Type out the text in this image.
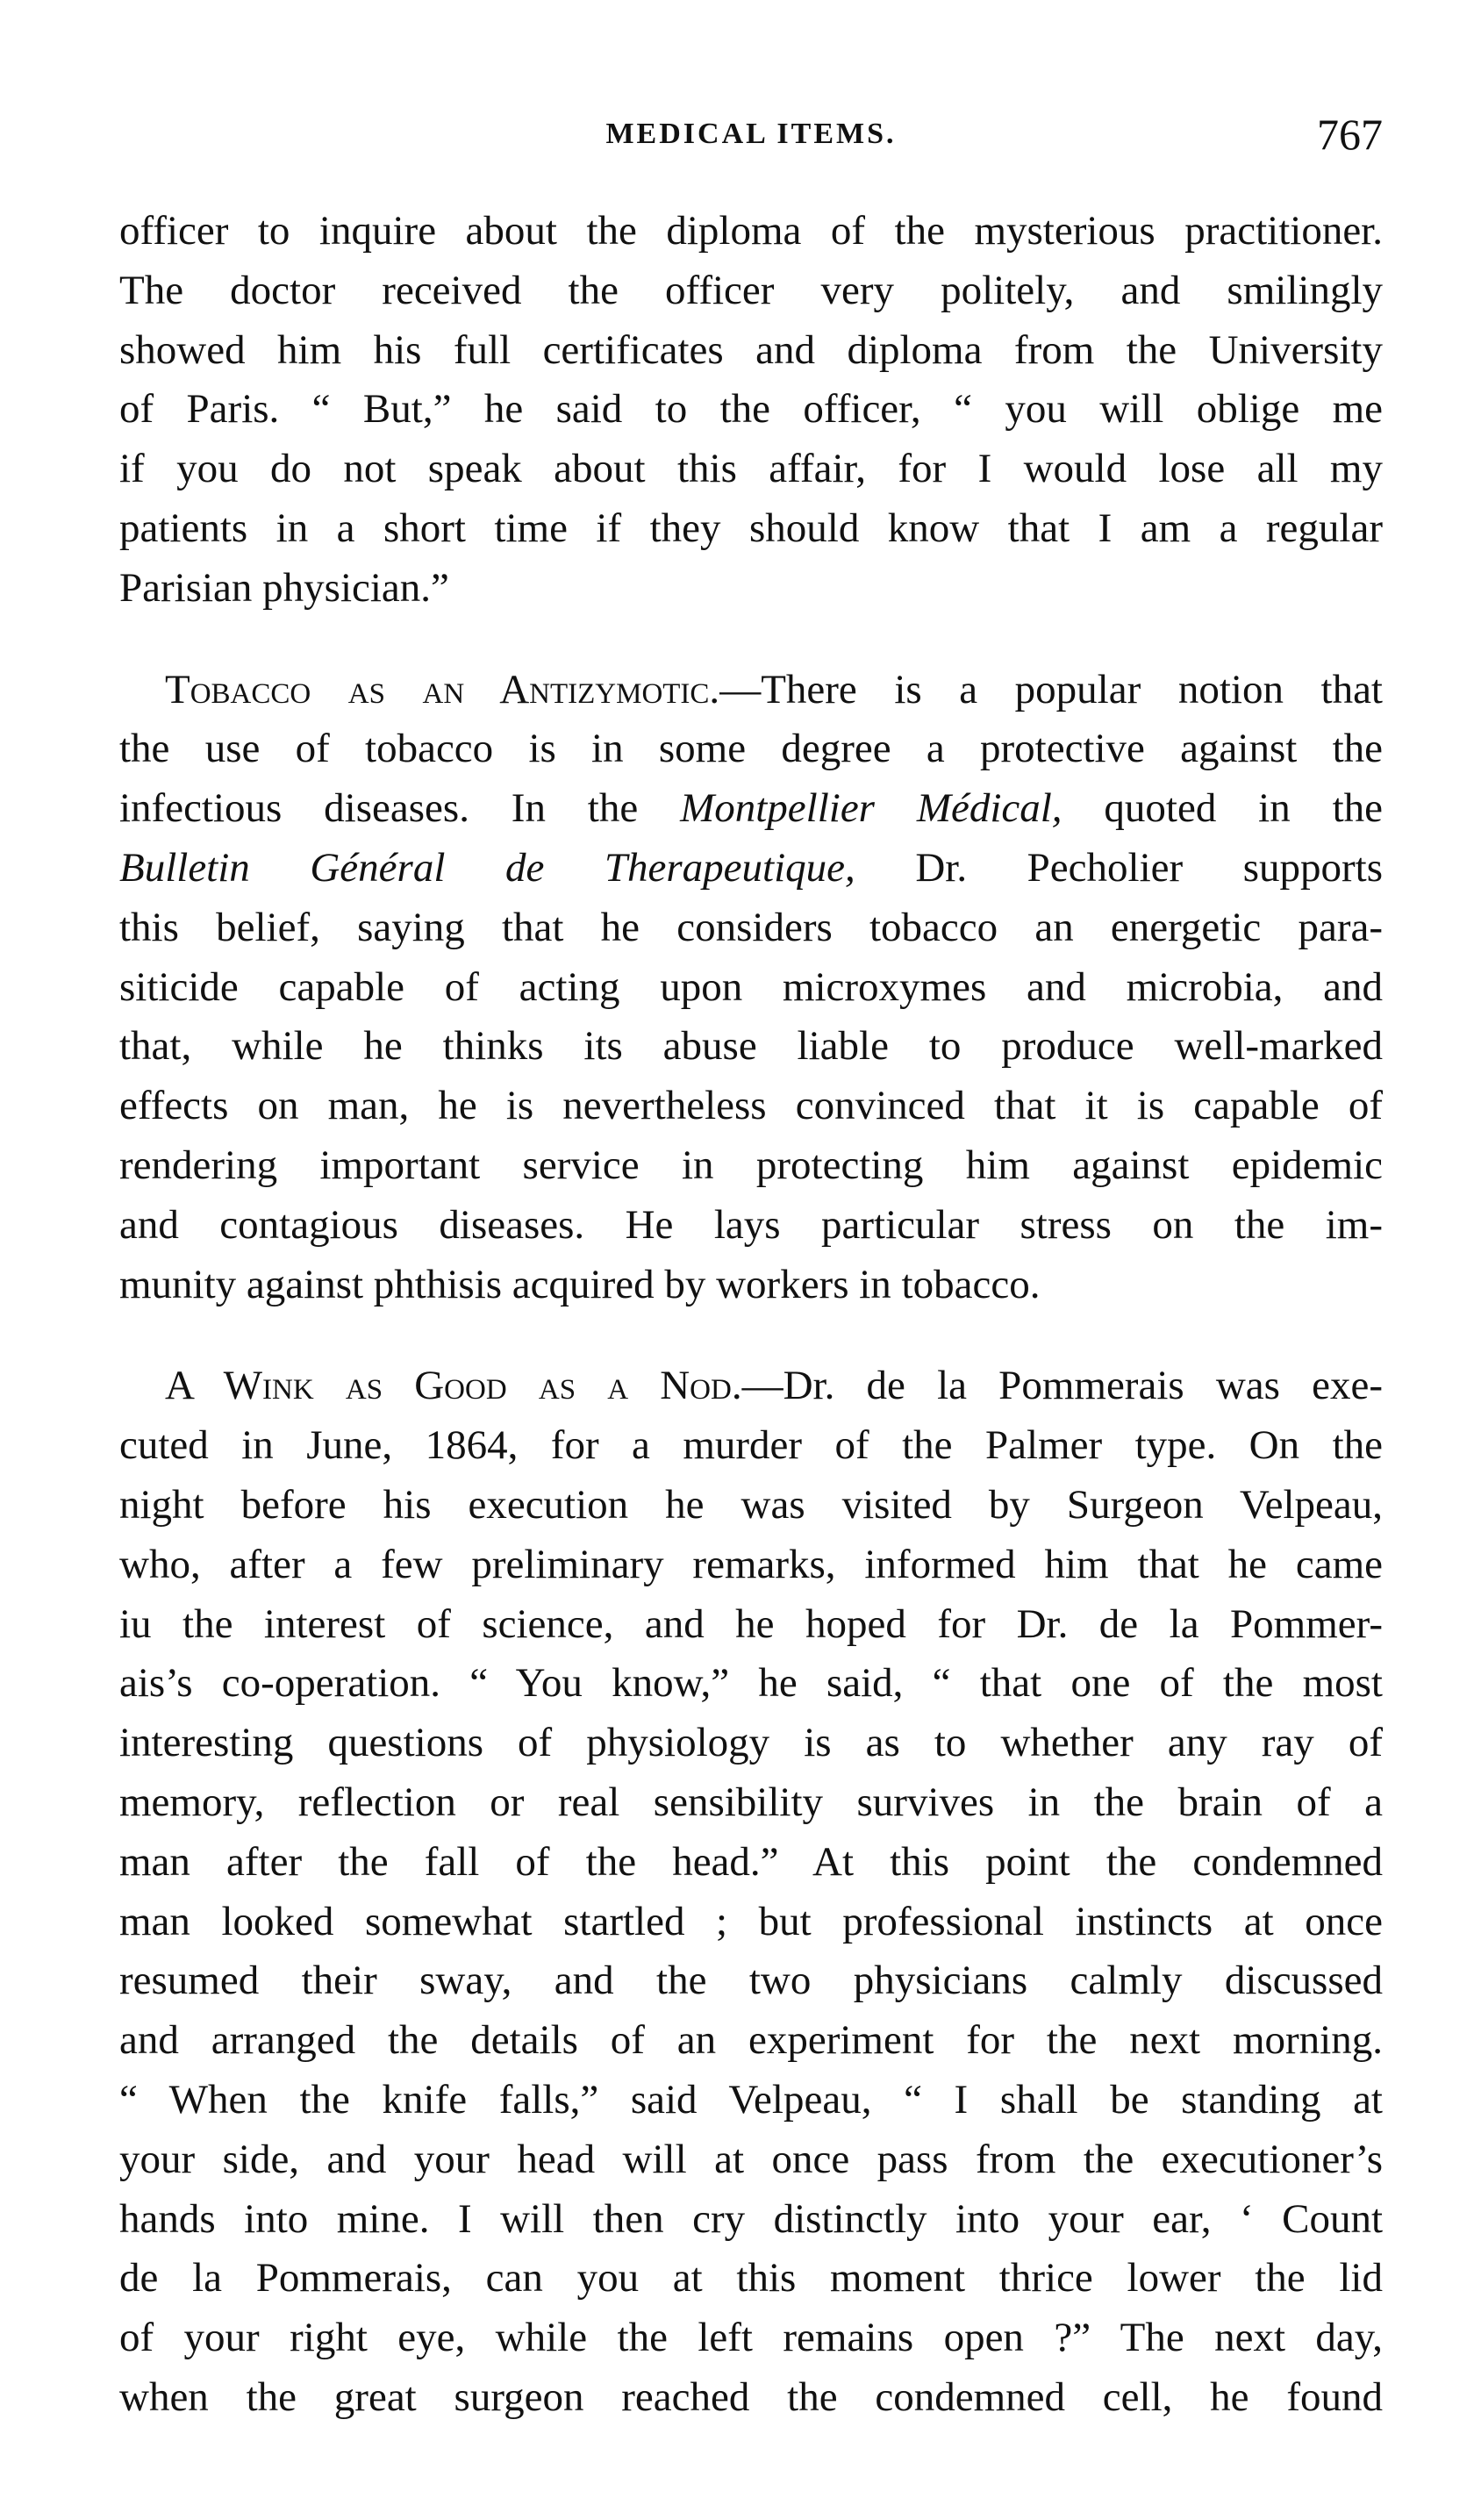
MEDICAL ITEMS.	767
officer to inquire about the diploma of the mysterious practitioner.
The doctor received the officer very politely, and smilingly
showed him his full certificates and diploma from the University
of Paris. “ But,” he said to the officer, “ you will oblige me
if you do not speak about this affair, for I would lose all my
patients in a short time if they should know that I am a regular
Parisian physician.”
Tobacco as an Antizymotic.—There is a popular notion that
the use of tobacco is in some degree a protective against the
infectious diseases. In the Montpellier Médical, quoted in the
Bulletin Général de Therapeutique, Dr. Pecholier supports
this belief, saying that he considers tobacco an energetic para-
siticide capable of acting upon microxymes and microbia, and
that, while he thinks its abuse liable to produce well-marked
effects on man, he is nevertheless convinced that it is capable of
rendering important service in protecting him against epidemic
and contagious diseases. He lays particular stress on the im-
munity against phthisis acquired by workers in tobacco.
A Wink as Good as a Nod.—Dr. de la Pommerais was exe-
cuted in June, 1864, for a murder of the Palmer type. On the
night before his execution he was visited by Surgeon Velpeau,
who, after a few preliminary remarks, informed him that he came
iu the interest of science, and he hoped for Dr. de la Pommer-
ais’s co-operation. “ You know,” he said, “ that one of the most
interesting questions of physiology is as to whether any ray of
memory, reflection or real sensibility survives in the brain of a
man after the fall of the head.” At this point the condemned
man looked somewhat startled ; but professional instincts at once
resumed their sway, and the two physicians calmly discussed
and arranged the details of an experiment for the next morning.
“ When the knife falls,” said Velpeau, “ I shall be standing at
your side, and your head will at once pass from the executioner’s
hands into mine. I will then cry distinctly into your ear, ‘ Count
de la Pommerais, can you at this moment thrice lower the lid
of your right eye, while the left remains open ?” The next day,
when the great surgeon reached the condemned cell, he found
